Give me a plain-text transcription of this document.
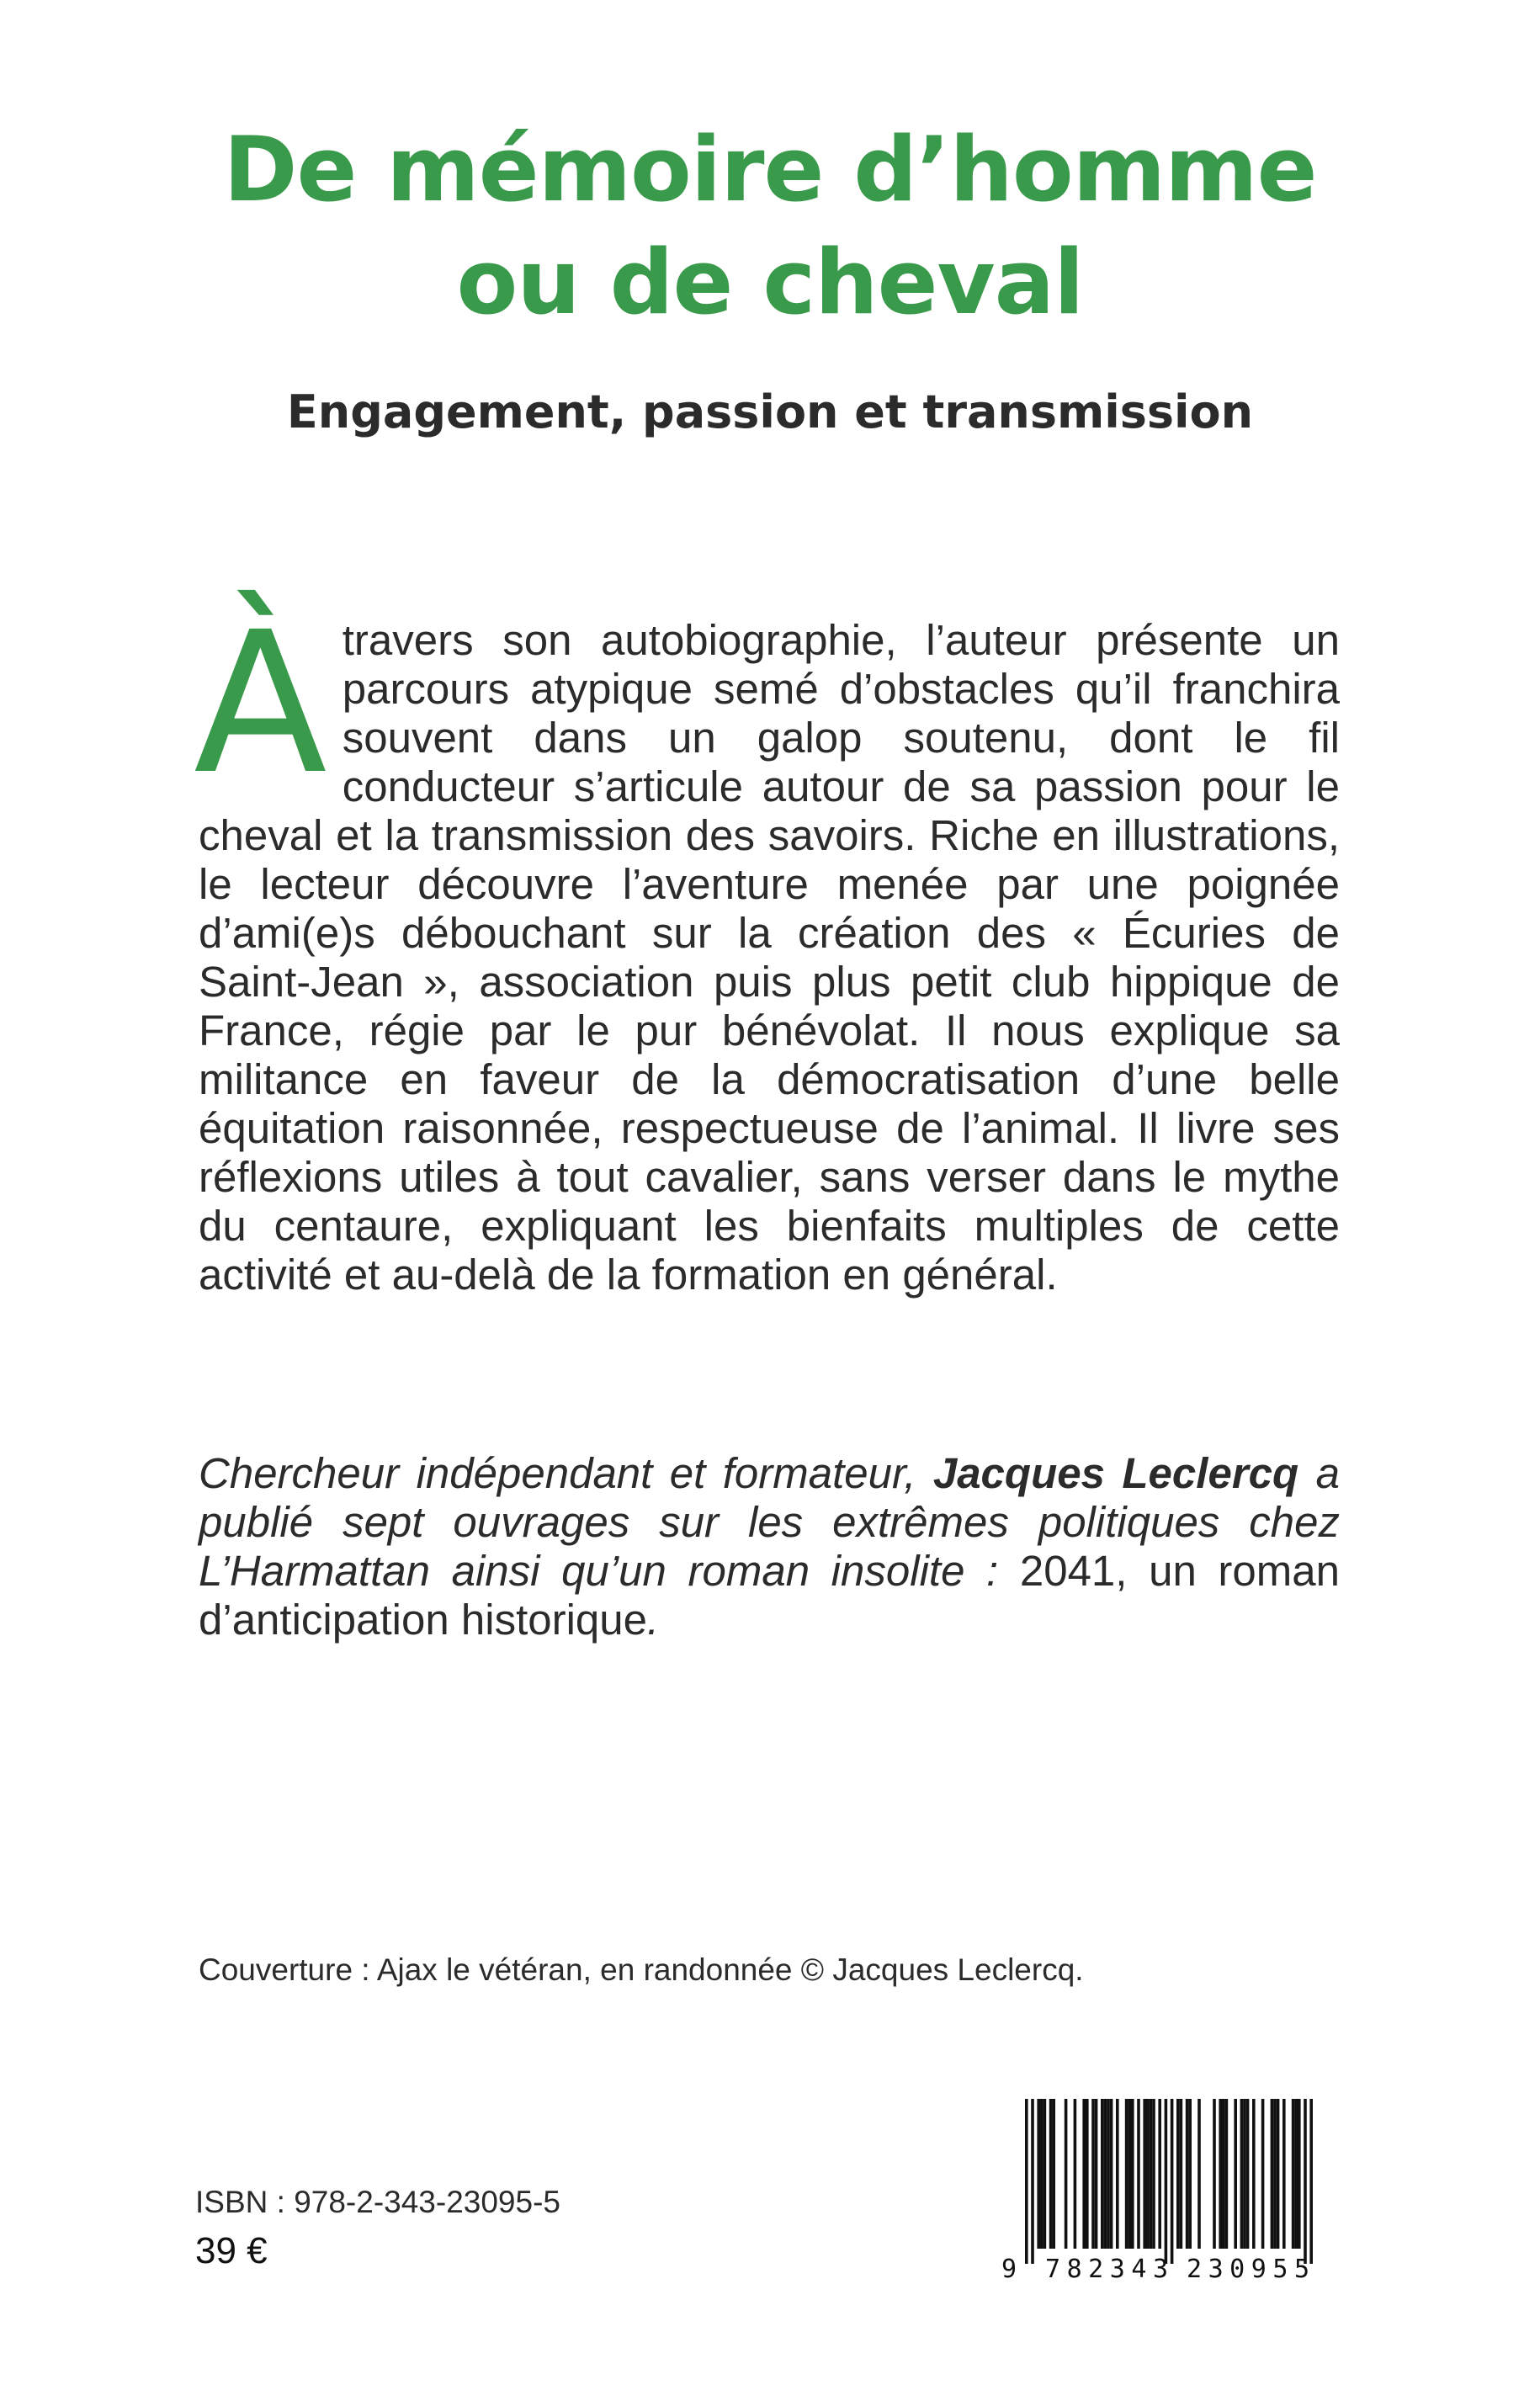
De mémoire d’homme
ou de cheval
Engagement, passion et transmission

Àtravers son autobiographie, l’auteur présente un parcours atypique semé d’obstacles qu’il franchira souvent dans un galop soutenu, dont le fil conducteur s’articule autour de sa passion pour le cheval et la transmission des savoirs. Riche en illustrations, le lecteur découvre l’aventure menée par une poignée d’ami(e)s débouchant sur la création des « Écuries de Saint-Jean », association puis plus petit club hippique de France, régie par le pur bénévolat. Il nous explique sa militance en faveur de la démocratisation d’une belle équitation raisonnée, respectueuse de l’animal. Il livre ses réflexions utiles à tout cavalier, sans verser dans le mythe du centaure, expliquant les bienfaits multiples de cette activité et au-delà de la formation en général.

Chercheur indépendant et formateur, Jacques Leclercq a publié sept ouvrages sur les extrêmes politiques chez L’Harmattan ainsi qu’un roman insolite : 2041, un roman d’anticipation historique.

Couverture : Ajax le vétéran, en randonnée © Jacques Leclercq.
ISBN : 978-2-343-23095-5
39 €	9 782343 230955
